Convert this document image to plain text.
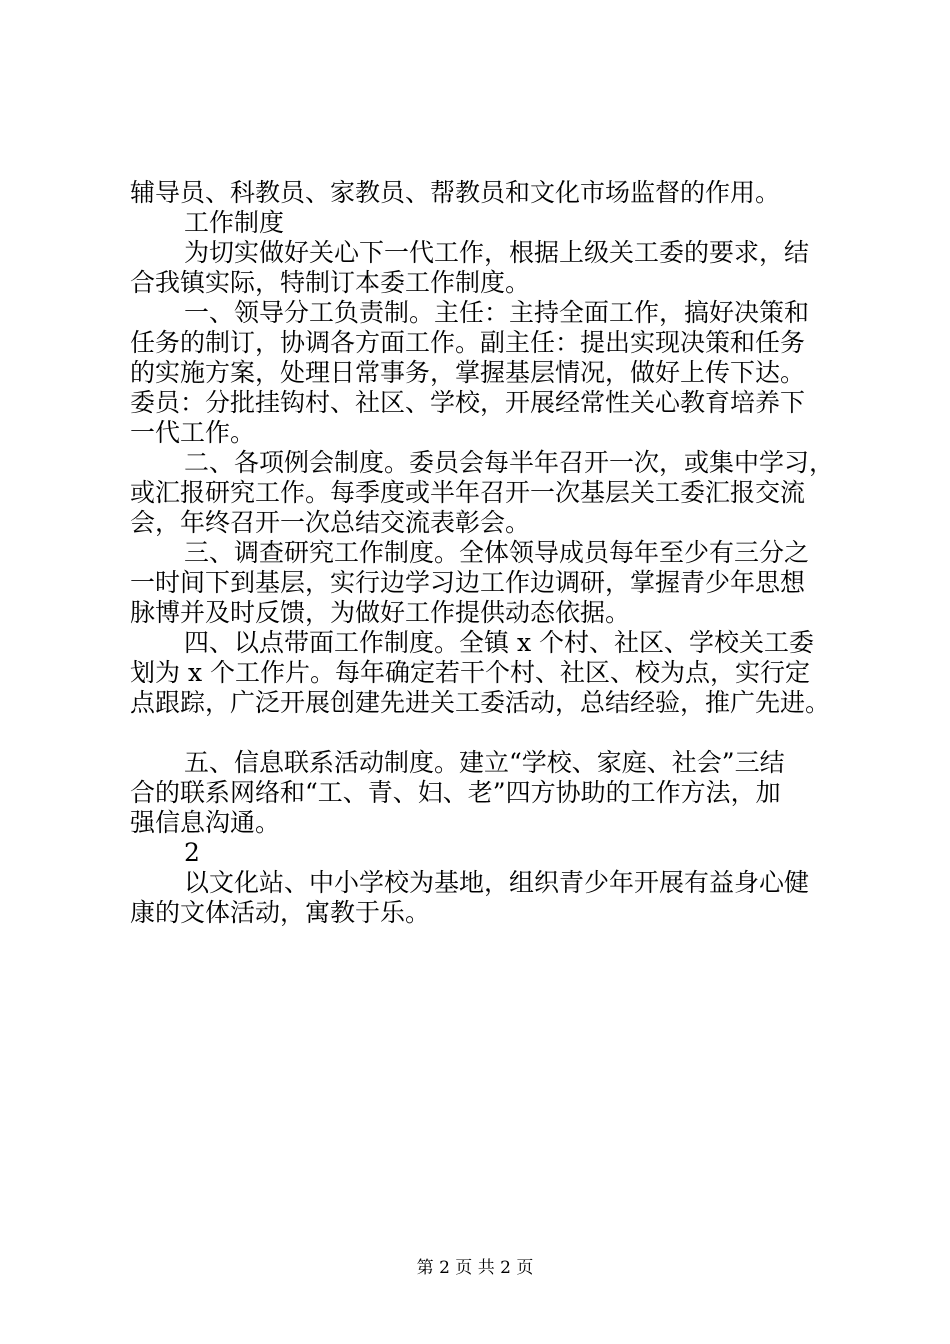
辅导员、科教员、家教员、帮教员和文化市场监督的作用。
工作制度
为切实做好关心下一代工作，根据上级关工委的要求，结
合我镇实际，特制订本委工作制度。
一、领导分工负责制。主任：主持全面工作，搞好决策和
任务的制订，协调各方面工作。副主任：提出实现决策和任务
的实施方案，处理日常事务，掌握基层情况，做好上传下达。
委员：分批挂钩村、社区、学校，开展经常性关心教育培养下
一代工作。
二、各项例会制度。委员会每半年召开一次，或集中学习，
或汇报研究工作。每季度或半年召开一次基层关工委汇报交流
会，年终召开一次总结交流表彰会。
三、调查研究工作制度。全体领导成员每年至少有三分之
一时间下到基层，实行边学习边工作边调研，掌握青少年思想
脉博并及时反馈，为做好工作提供动态依据。
四、以点带面工作制度。全镇 x 个村、社区、学校关工委
划为 x 个工作片。每年确定若干个村、社区、校为点，实行定
点跟踪，广泛开展创建先进关工委活动，总结经验，推广先进。
五、信息联系活动制度。建立“学校、家庭、社会”三结
合的联系网络和“工、青、妇、老”四方协助的工作方法，加
强信息沟通。
2
以文化站、中小学校为基地，组织青少年开展有益身心健
康的文体活动，寓教于乐。
第 2 页 共 2 页
